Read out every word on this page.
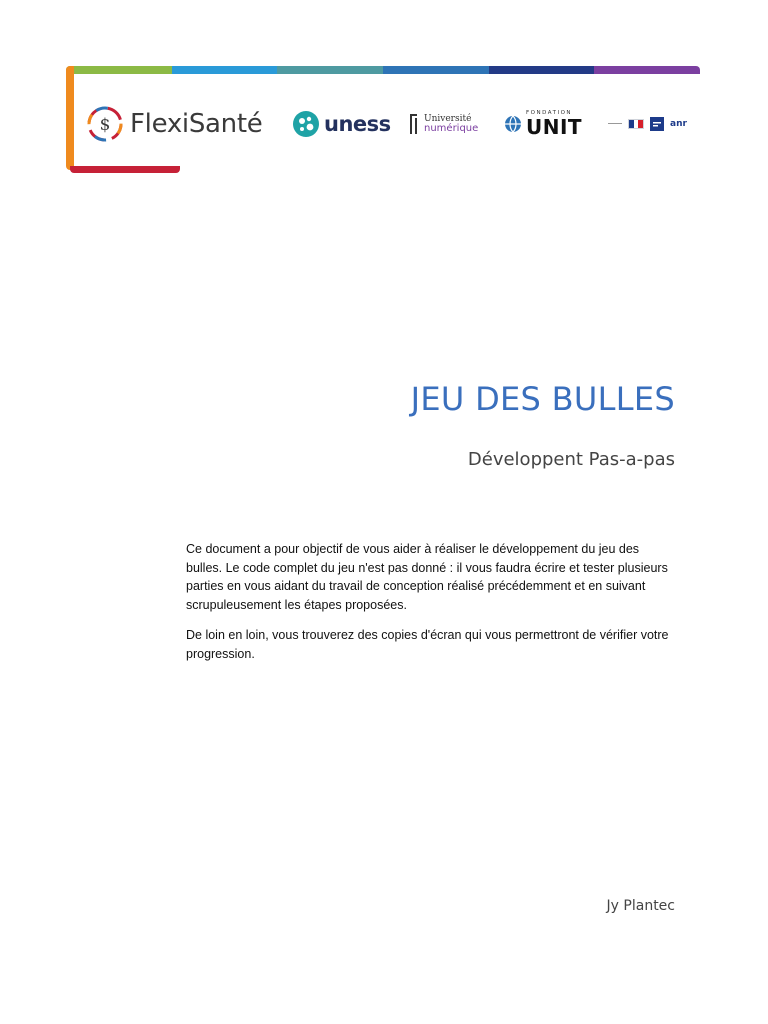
$ FlexiSanté	uness	Université
numérique
FONDATION
UNIT	anr
JEU DES BULLES

Développent Pas-a-pas

Ce document a pour objectif de vous aider à réaliser le développement du jeu des bulles. Le code complet du jeu n'est pas donné : il vous faudra écrire et tester plusieurs parties en vous aidant du travail de conception réalisé précédemment et en suivant scrupuleusement les étapes proposées.

De loin en loin, vous trouverez des copies d'écran qui vous permettront de vérifier votre progression.

Jy Plantec
